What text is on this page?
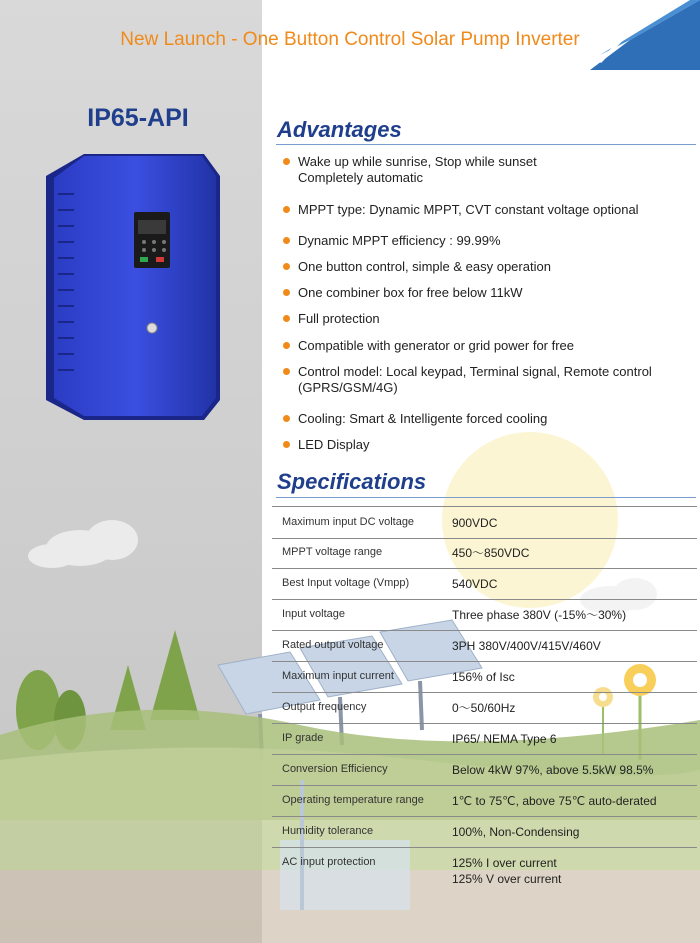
New Launch - One Button Control Solar Pump Inverter
IP65-API	Advantages
Wake up while sunrise, Stop while sunset
Completely automatic
MPPT type: Dynamic MPPT, CVT constant voltage optional
Dynamic MPPT efficiency : 99.99%
One button control, simple & easy operation
One combiner box for free below 11kW
Full protection
Compatible with generator or grid power for free
Control model: Local keypad, Terminal signal, Remote control
(GPRS/GSM/4G)
Cooling: Smart & Intelligente forced cooling
LED Display
Specifications
Maximum input DC voltage	900VDC
MPPT voltage range	450～850VDC
Best Input voltage (Vmpp)	540VDC
Input voltage	Three phase 380V (-15%～30%)
Rated output voltage	3PH 380V/400V/415V/460V
Maximum input current	156% of Isc
Output frequency	0～50/60Hz
IP grade	IP65/ NEMA Type 6
Conversion Efficiency	Below 4kW 97%, above 5.5kW 98.5%
Operating temperature range 1℃ to 75℃, above 75℃ auto-derated
Humidity tolerance	100%, Non-Condensing
AC input protection	125% I over current
125% V over current
